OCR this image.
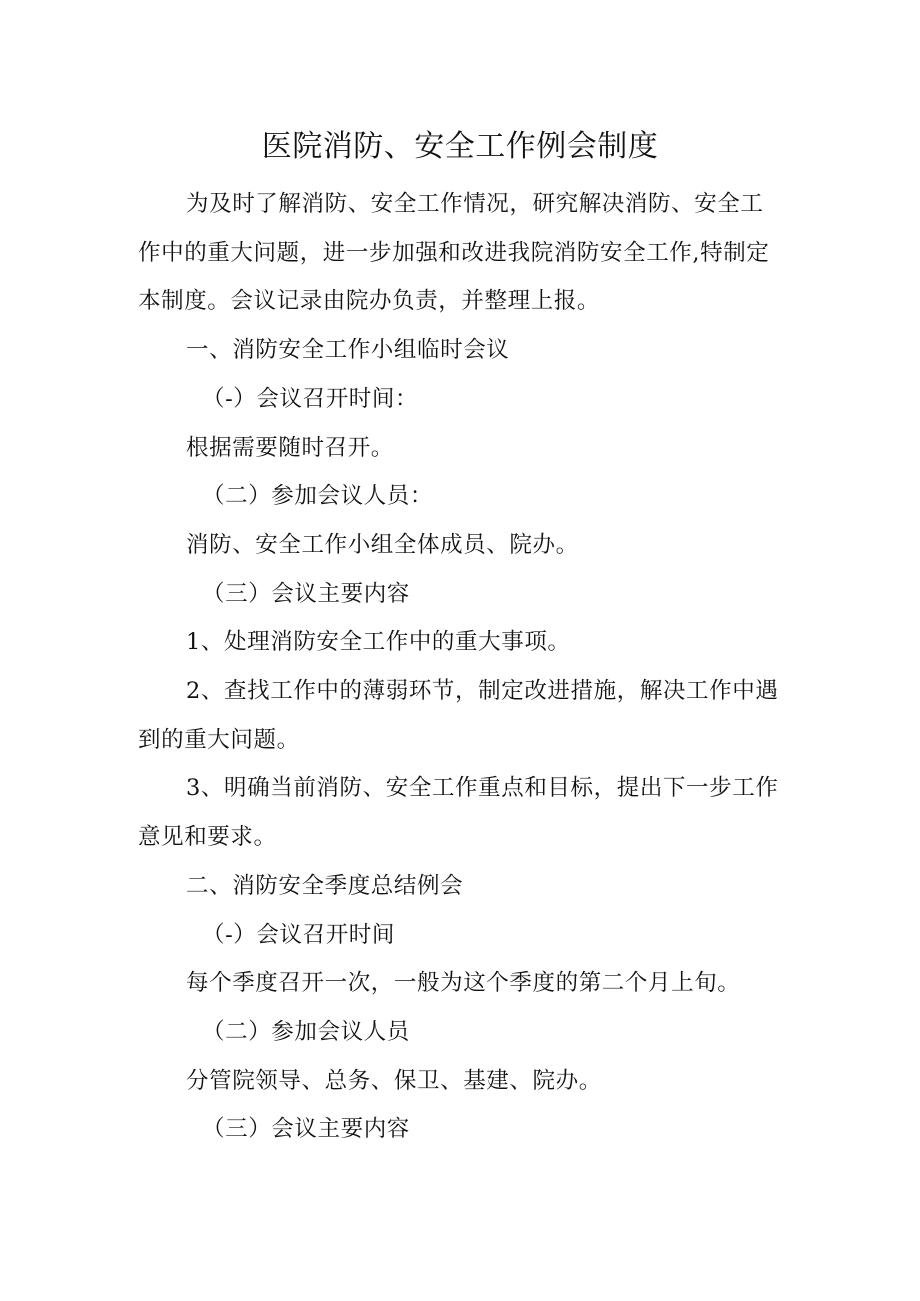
医院消防、安全工作例会制度

为及时了解消防、安全工作情况，研究解决消防、安全工作中的重大问题，进一步加强和改进我院消防安全工作,特制定本制度。会议记录由院办负责，并整理上报。

一、消防安全工作小组临时会议

（-）会议召开时间：

根据需要随时召开。

（二）参加会议人员：

消防、安全工作小组全体成员、院办。

（三）会议主要内容

1、处理消防安全工作中的重大事项。

2、查找工作中的薄弱环节，制定改进措施，解决工作中遇到的重大问题。

3、明确当前消防、安全工作重点和目标，提出下一步工作意见和要求。

二、消防安全季度总结例会

（-）会议召开时间

每个季度召开一次，一般为这个季度的第二个月上旬。

（二）参加会议人员

分管院领导、总务、保卫、基建、院办。

（三）会议主要内容
